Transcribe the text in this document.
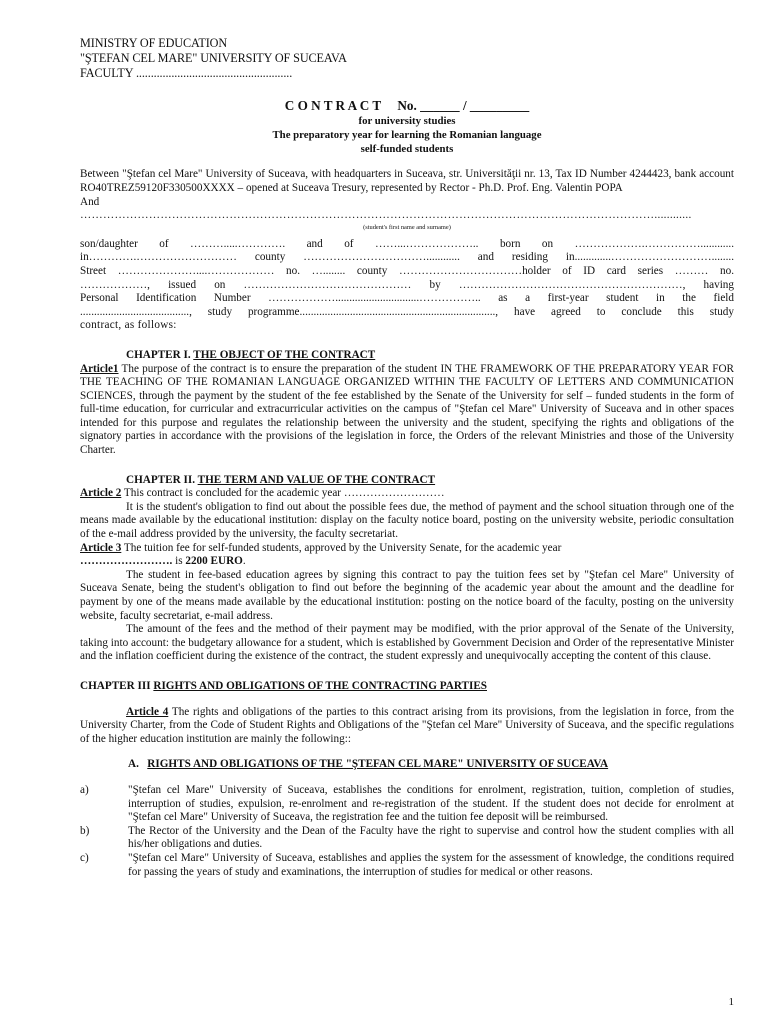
MINISTRY OF EDUCATION
"ŞTEFAN CEL MARE" UNIVERSITY OF SUCEAVA
FACULTY .....................................................
C O N T R A C T     No. ______ / _________
for university studies
The preparatory year for learning the Romanian language
self-funded students

Between "Ştefan cel Mare" University of Suceava, with headquarters in Suceava, str. Universităţii nr. 13, Tax ID Number 4244423, bank account RO40TREZ59120F330500XXXX – opened at Suceava Tresury, represented by Rector - Ph.D. Prof. Eng. Valentin POPA

And

……………………………………………………………………………………………………………………………………............
(student's first name and surname)
son/daughter of ……….....…………. and of ……...……………….. born on ……………….……………............
in………….……………………… county ……………………………............ and residing in.............………………………........
Street …………………....……………… no. …........ county ……………………………holder of ID card series ……… no.
………………, issued on ……………………………………… by ……………………………………………………, having
Personal Identification Number ………………..............................…………….. as a first-year student in the field
......................................., study programme......................................................................, have agreed to conclude this study
contract, as follows:

CHAPTER I. THE OBJECT OF THE CONTRACT

Article1 The purpose of the contract is to ensure the preparation of the student IN THE FRAMEWORK OF THE PREPARATORY YEAR FOR THE TEACHING OF THE ROMANIAN LANGUAGE ORGANIZED WITHIN THE FACULTY OF LETTERS AND COMMUNICATION SCIENCES, through the payment by the student of the fee established by the Senate of the University for self – funded students in the form of full-time education, for curricular and extracurricular activities on the campus of "Ştefan cel Mare" University of Suceava and in other spaces intended for this purpose and regulates the relationship between the university and the student, specifying the rights and obligations of the signatory parties in accordance with the provisions of the legislation in force, the Orders of the relevant Ministries and those of the University Charter.

CHAPTER II. THE TERM AND VALUE OF THE CONTRACT

Article 2 This contract is concluded for the academic year ………………………

It is the student's obligation to find out about the possible fees due, the method of payment and the school situation through one of the means made available by the educational institution: display on the faculty notice board, posting on the university website, periodic consultation of the e-mail address provided by the university, the faculty secretariat.

Article 3 The tuition fee for self-funded students, approved by the University Senate, for the academic year
……………………. is 2200 EURO.

The student in fee-based education agrees by signing this contract to pay the tuition fees set by "Ştefan cel Mare" University of Suceava Senate, being the student's obligation to find out before the beginning of the academic year about the amount and the deadline for payment by one of the means made available by the educational institution: posting on the notice board of the faculty, posting on the university website, faculty secretariat, e-mail address.

The amount of the fees and the method of their payment may be modified, with the prior approval of the Senate of the University, taking into account: the budgetary allowance for a student, which is established by Government Decision and Order of the representative Minister and the inflation coefficient during the existence of the contract, the student expressly and unequivocally accepting the content of this clause.

CHAPTER III RIGHTS AND OBLIGATIONS OF THE CONTRACTING PARTIES

Article 4 The rights and obligations of the parties to this contract arising from its provisions, from the legislation in force, from the University Charter, from the Code of Student Rights and Obligations of the "Ştefan cel Mare" University of Suceava, and the specific regulations of the higher education institution are mainly the following::

A. RIGHTS AND OBLIGATIONS OF THE "ŞTEFAN CEL MARE" UNIVERSITY OF SUCEAVA

a)	"Ştefan cel Mare" University of Suceava, establishes the conditions for enrolment, registration, tuition, completion of studies, interruption of studies, expulsion, re-enrolment and re-registration of the student. If the student does not decide for enrolment at "Ştefan cel Mare" University of Suceava, the registration fee and the tuition fee deposit will be reimbursed.
b)	The Rector of the University and the Dean of the Faculty have the right to supervise and control how the student complies with all his/her obligations and duties.
c)	"Ştefan cel Mare" University of Suceava, establishes and applies the system for the assessment of knowledge, the conditions required for passing the years of study and examinations, the interruption of studies for medical or other reasons.
1
